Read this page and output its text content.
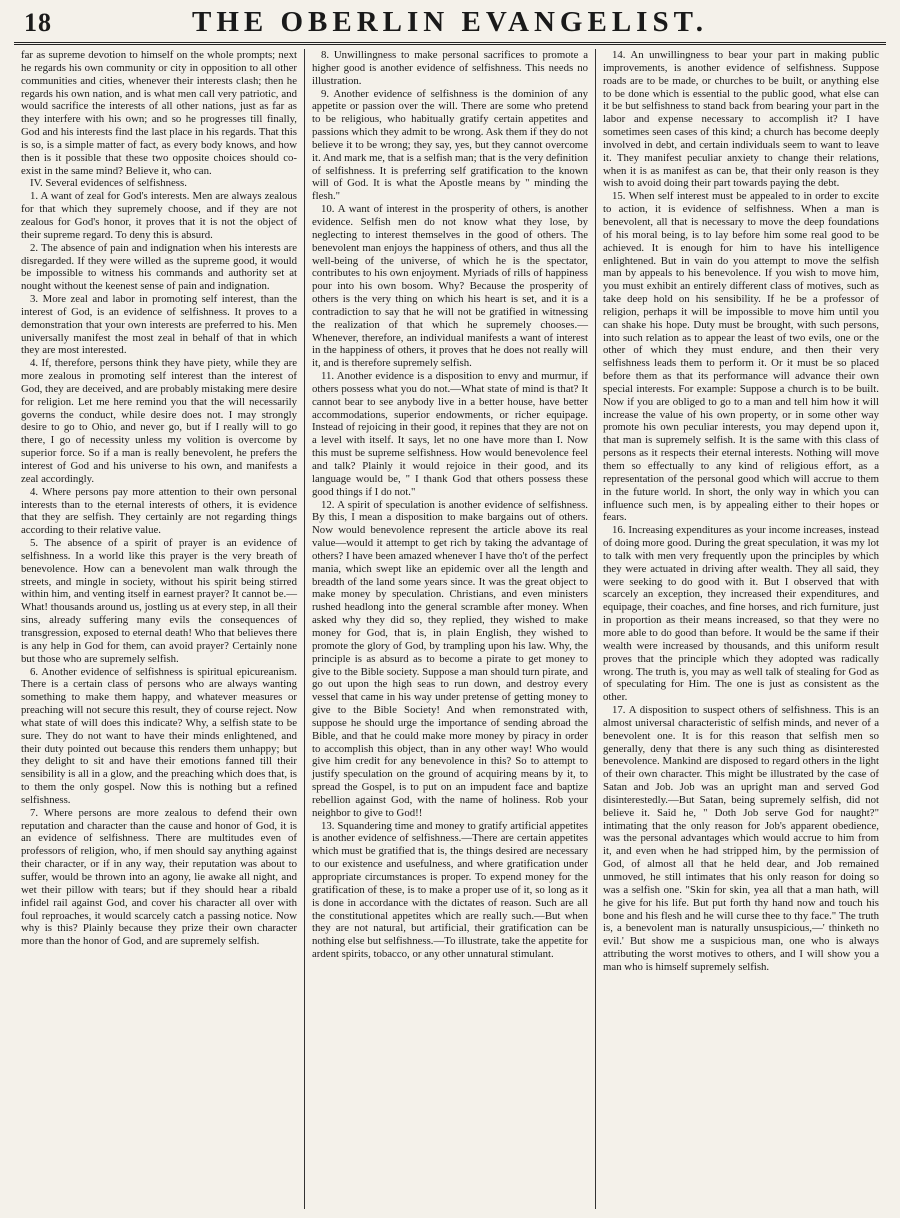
18	THE OBERLIN EVANGELIST.

far as supreme devotion to himself on the whole prompts; next he regards his own community or city in opposition to all other communities and cities, whenever their interests clash; then he regards his own nation, and is what men call very patriotic, and would sacrifice the interests of all other nations, just as far as they interfere with his own; and so he progresses till finally, God and his interests find the last place in his regards. That this is so, is a simple matter of fact, as every body knows, and how then is it possible that these two opposite choices should co-exist in the same mind? Believe it, who can.

IV. Several evidences of selfishness.

1. A want of zeal for God's interests. Men are always zealous for that which they supremely choose, and if they are not zealous for God's honor, it proves that it is not the object of their supreme regard. To deny this is absurd.

2. The absence of pain and indignation when his interests are disregarded. If they were willed as the supreme good, it would be impossible to witness his commands and authority set at nought without the keenest sense of pain and indignation.

3. More zeal and labor in promoting self interest, than the interest of God, is an evidence of selfishness. It proves to a demonstration that your own interests are preferred to his. Men universally manifest the most zeal in behalf of that in which they are most interested.

4. If, therefore, persons think they have piety, while they are more zealous in promoting self interest than the interest of God, they are deceived, and are probably mistaking mere desire for religion. Let me here remind you that the will necessarily governs the conduct, while desire does not. I may strongly desire to go to Ohio, and never go, but if I really will to go there, I go of necessity unless my volition is overcome by superior force. So if a man is really benevolent, he prefers the interest of God and his universe to his own, and manifests a zeal accordingly.

4. Where persons pay more attention to their own personal interests than to the eternal interests of others, it is evidence that they are selfish. They certainly are not regarding things according to their relative value.

5. The absence of a spirit of prayer is an evidence of selfishness. In a world like this prayer is the very breath of benevolence. How can a benevolent man walk through the streets, and mingle in society, without his spirit being stirred within him, and venting itself in earnest prayer? It cannot be.—What! thousands around us, jostling us at every step, in all their sins, already suffering many evils the consequences of transgression, exposed to eternal death! Who that believes there is any help in God for them, can avoid prayer? Certainly none but those who are supremely selfish.

6. Another evidence of selfishness is spiritual epicureanism. There is a certain class of persons who are always wanting something to make them happy, and whatever measures or preaching will not secure this result, they of course reject. Now what state of will does this indicate? Why, a selfish state to be sure. They do not want to have their minds enlightened, and their duty pointed out because this renders them unhappy; but they delight to sit and have their emotions fanned till their sensibility is all in a glow, and the preaching which does that, is to them the only gospel. Now this is nothing but a refined selfishness.

7. Where persons are more zealous to defend their own reputation and character than the cause and honor of God, it is an evidence of selfishness. There are multitudes even of professors of religion, who, if men should say anything against their character, or if in any way, their reputation was about to suffer, would be thrown into an agony, lie awake all night, and wet their pillow with tears; but if they should hear a ribald infidel rail against God, and cover his character all over with foul reproaches, it would scarcely catch a passing notice. Now why is this? Plainly because they prize their own character more than the honor of God, and are supremely selfish.

8. Unwillingness to make personal sacrifices to promote a higher good is another evidence of selfishness. This needs no illustration.

9. Another evidence of selfishness is the dominion of any appetite or passion over the will. There are some who pretend to be religious, who habitually gratify certain appetites and passions which they admit to be wrong. Ask them if they do not believe it to be wrong; they say, yes, but they cannot overcome it. And mark me, that is a selfish man; that is the very definition of selfishness. It is preferring self gratification to the known will of God. It is what the Apostle means by " minding the flesh."

10. A want of interest in the prosperity of others, is another evidence. Selfish men do not know what they lose, by neglecting to interest themselves in the good of others. The benevolent man enjoys the happiness of others, and thus all the well-being of the universe, of which he is the spectator, contributes to his own enjoyment. Myriads of rills of happiness pour into his own bosom. Why? Because the prosperity of others is the very thing on which his heart is set, and it is a contradiction to say that he will not be gratified in witnessing the realization of that which he supremely chooses.—Whenever, therefore, an individual manifests a want of interest in the happiness of others, it proves that he does not really will it, and is therefore supremely selfish.

11. Another evidence is a disposition to envy and murmur, if others possess what you do not.—What state of mind is that? It cannot bear to see anybody live in a better house, have better accommodations, superior endowments, or richer equipage. Instead of rejoicing in their good, it repines that they are not on a level with itself. It says, let no one have more than I. Now this must be supreme selfishness. How would benevolence feel and talk? Plainly it would rejoice in their good, and its language would be, " I thank God that others possess these good things if I do not."

12. A spirit of speculation is another evidence of selfishness. By this, I mean a disposition to make bargains out of others. Now would benevolence represent the article above its real value—would it attempt to get rich by taking the advantage of others? I have been amazed whenever I have tho't of the perfect mania, which swept like an epidemic over all the length and breadth of the land some years since. It was the great object to make money by speculation. Christians, and even ministers rushed headlong into the general scramble after money. When asked why they did so, they replied, they wished to make money for God, that is, in plain English, they wished to promote the glory of God, by trampling upon his law. Why, the principle is as absurd as to become a pirate to get money to give to the Bible society. Suppose a man should turn pirate, and go out upon the high seas to run down, and destroy every vessel that came in his way under pretense of getting money to give to the Bible Society! And when remonstrated with, suppose he should urge the importance of sending abroad the Bible, and that he could make more money by piracy in order to accomplish this object, than in any other way! Who would give him credit for any benevolence in this? So to attempt to justify speculation on the ground of acquiring means by it, to spread the Gospel, is to put on an impudent face and baptize rebellion against God, with the name of holiness. Rob your neighbor to give to God!!

13. Squandering time and money to gratify artificial appetites is another evidence of selfishness.—There are certain appetites which must be gratified that is, the things desired are necessary to our existence and usefulness, and where gratification under appropriate circumstances is proper. To expend money for the gratification of these, is to make a proper use of it, so long as it is done in accordance with the dictates of reason. Such are all the constitutional appetites which are really such.—But when they are not natural, but artificial, their gratification can be nothing else but selfishness.—To illustrate, take the appetite for ardent spirits, tobacco, or any other unnatural stimulant.

14. An unwillingness to bear your part in making public improvements, is another evidence of selfishness. Suppose roads are to be made, or churches to be built, or anything else to be done which is essential to the public good, what else can it be but selfishness to stand back from bearing your part in the labor and expense necessary to accomplish it? I have sometimes seen cases of this kind; a church has become deeply involved in debt, and certain individuals seem to want to leave it. They manifest peculiar anxiety to change their relations, when it is as manifest as can be, that their only reason is they wish to avoid doing their part towards paying the debt.

15. When self interest must be appealed to in order to excite to action, it is evidence of selfishness. When a man is benevolent, all that is necessary to move the deep foundations of his moral being, is to lay before him some real good to be achieved. It is enough for him to have his intelligence enlightened. But in vain do you attempt to move the selfish man by appeals to his benevolence. If you wish to move him, you must exhibit an entirely different class of motives, such as take deep hold on his sensibility. If he be a professor of religion, perhaps it will be impossible to move him until you can shake his hope. Duty must be brought, with such persons, into such relation as to appear the least of two evils, one or the other of which they must endure, and then their very selfishness leads them to perform it. Or it must be so placed before them as that its performance will advance their own special interests. For example: Suppose a church is to be built. Now if you are obliged to go to a man and tell him how it will increase the value of his own property, or in some other way promote his own peculiar interests, you may depend upon it, that man is supremely selfish. It is the same with this class of persons as it respects their eternal interests. Nothing will move them so effectually to any kind of religious effort, as a representation of the personal good which will accrue to them in the future world. In short, the only way in which you can influence such men, is by appealing either to their hopes or fears.

16. Increasing expenditures as your income increases, instead of doing more good. During the great speculation, it was my lot to talk with men very frequently upon the principles by which they were actuated in driving after wealth. They all said, they were seeking to do good with it. But I observed that with scarcely an exception, they increased their expenditures, and equipage, their coaches, and fine horses, and rich furniture, just in proportion as their means increased, so that they were no more able to do good than before. It would be the same if their wealth were increased by thousands, and this uniform result proves that the principle which they adopted was radically wrong. The truth is, you may as well talk of stealing for God as of speculating for Him. The one is just as consistent as the other.

17. A disposition to suspect others of selfishness. This is an almost universal characteristic of selfish minds, and never of a benevolent one. It is for this reason that selfish men so generally, deny that there is any such thing as disinterested benevolence. Mankind are disposed to regard others in the light of their own character. This might be illustrated by the case of Satan and Job. Job was an upright man and served God disinterestedly.—But Satan, being supremely selfish, did not believe it. Said he, " Doth Job serve God for naught?" intimating that the only reason for Job's apparent obedience, was the personal advantages which would accrue to him from it, and even when he had stripped him, by the permission of God, of almost all that he held dear, and Job remained unmoved, he still intimates that his only reason for doing so was a selfish one. "Skin for skin, yea all that a man hath, will he give for his life. But put forth thy hand now and touch his bone and his flesh and he will curse thee to thy face." The truth is, a benevolent man is naturally unsuspicious,—' thinketh no evil.' But show me a suspicious man, one who is always attributing the worst motives to others, and I will show you a man who is himself supremely selfish.
